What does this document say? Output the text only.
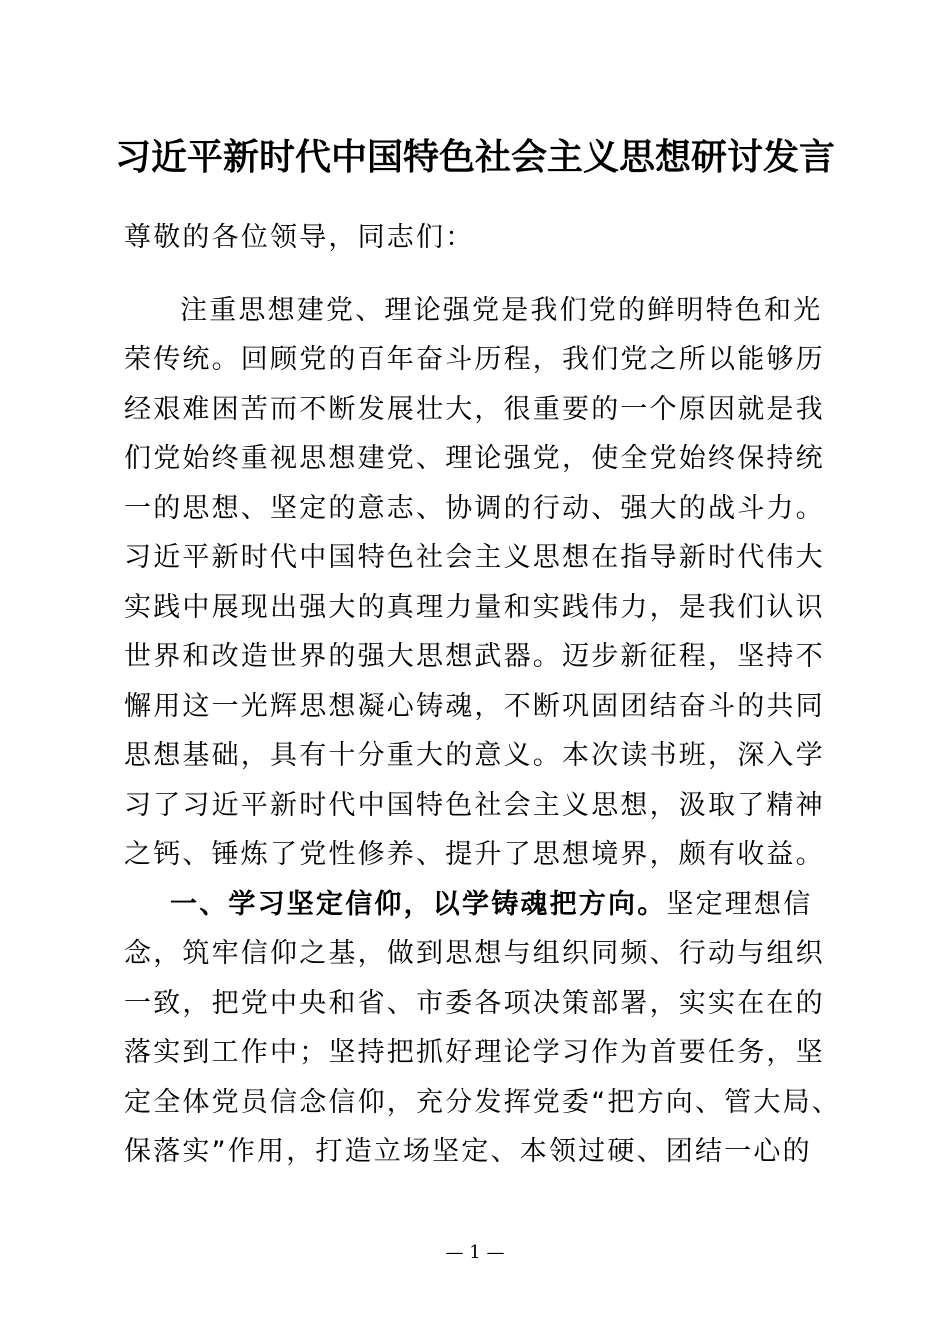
习近平新时代中国特色社会主义思想研讨发言
尊敬的各位领导，同志们：
注重思想建党、理论强党是我们党的鲜明特色和光
荣传统。回顾党的百年奋斗历程，我们党之所以能够历
经艰难困苦而不断发展壮大，很重要的一个原因就是我
们党始终重视思想建党、理论强党，使全党始终保持统
一的思想、坚定的意志、协调的行动、强大的战斗力。
习近平新时代中国特色社会主义思想在指导新时代伟大
实践中展现出强大的真理力量和实践伟力，是我们认识
世界和改造世界的强大思想武器。迈步新征程，坚持不
懈用这一光辉思想凝心铸魂，不断巩固团结奋斗的共同
思想基础，具有十分重大的意义。本次读书班，深入学
习了习近平新时代中国特色社会主义思想，汲取了精神
之钙、锤炼了党性修养、提升了思想境界，颇有收益。
一、学习坚定信仰，以学铸魂把方向。坚定理想信
念，筑牢信仰之基，做到思想与组织同频、行动与组织
一致，把党中央和省、市委各项决策部署，实实在在的
落实到工作中；坚持把抓好理论学习作为首要任务，坚
定全体党员信念信仰，充分发挥党委“把方向、管大局、
保落实”作用，打造立场坚定、本领过硬、团结一心的
— 1 —
